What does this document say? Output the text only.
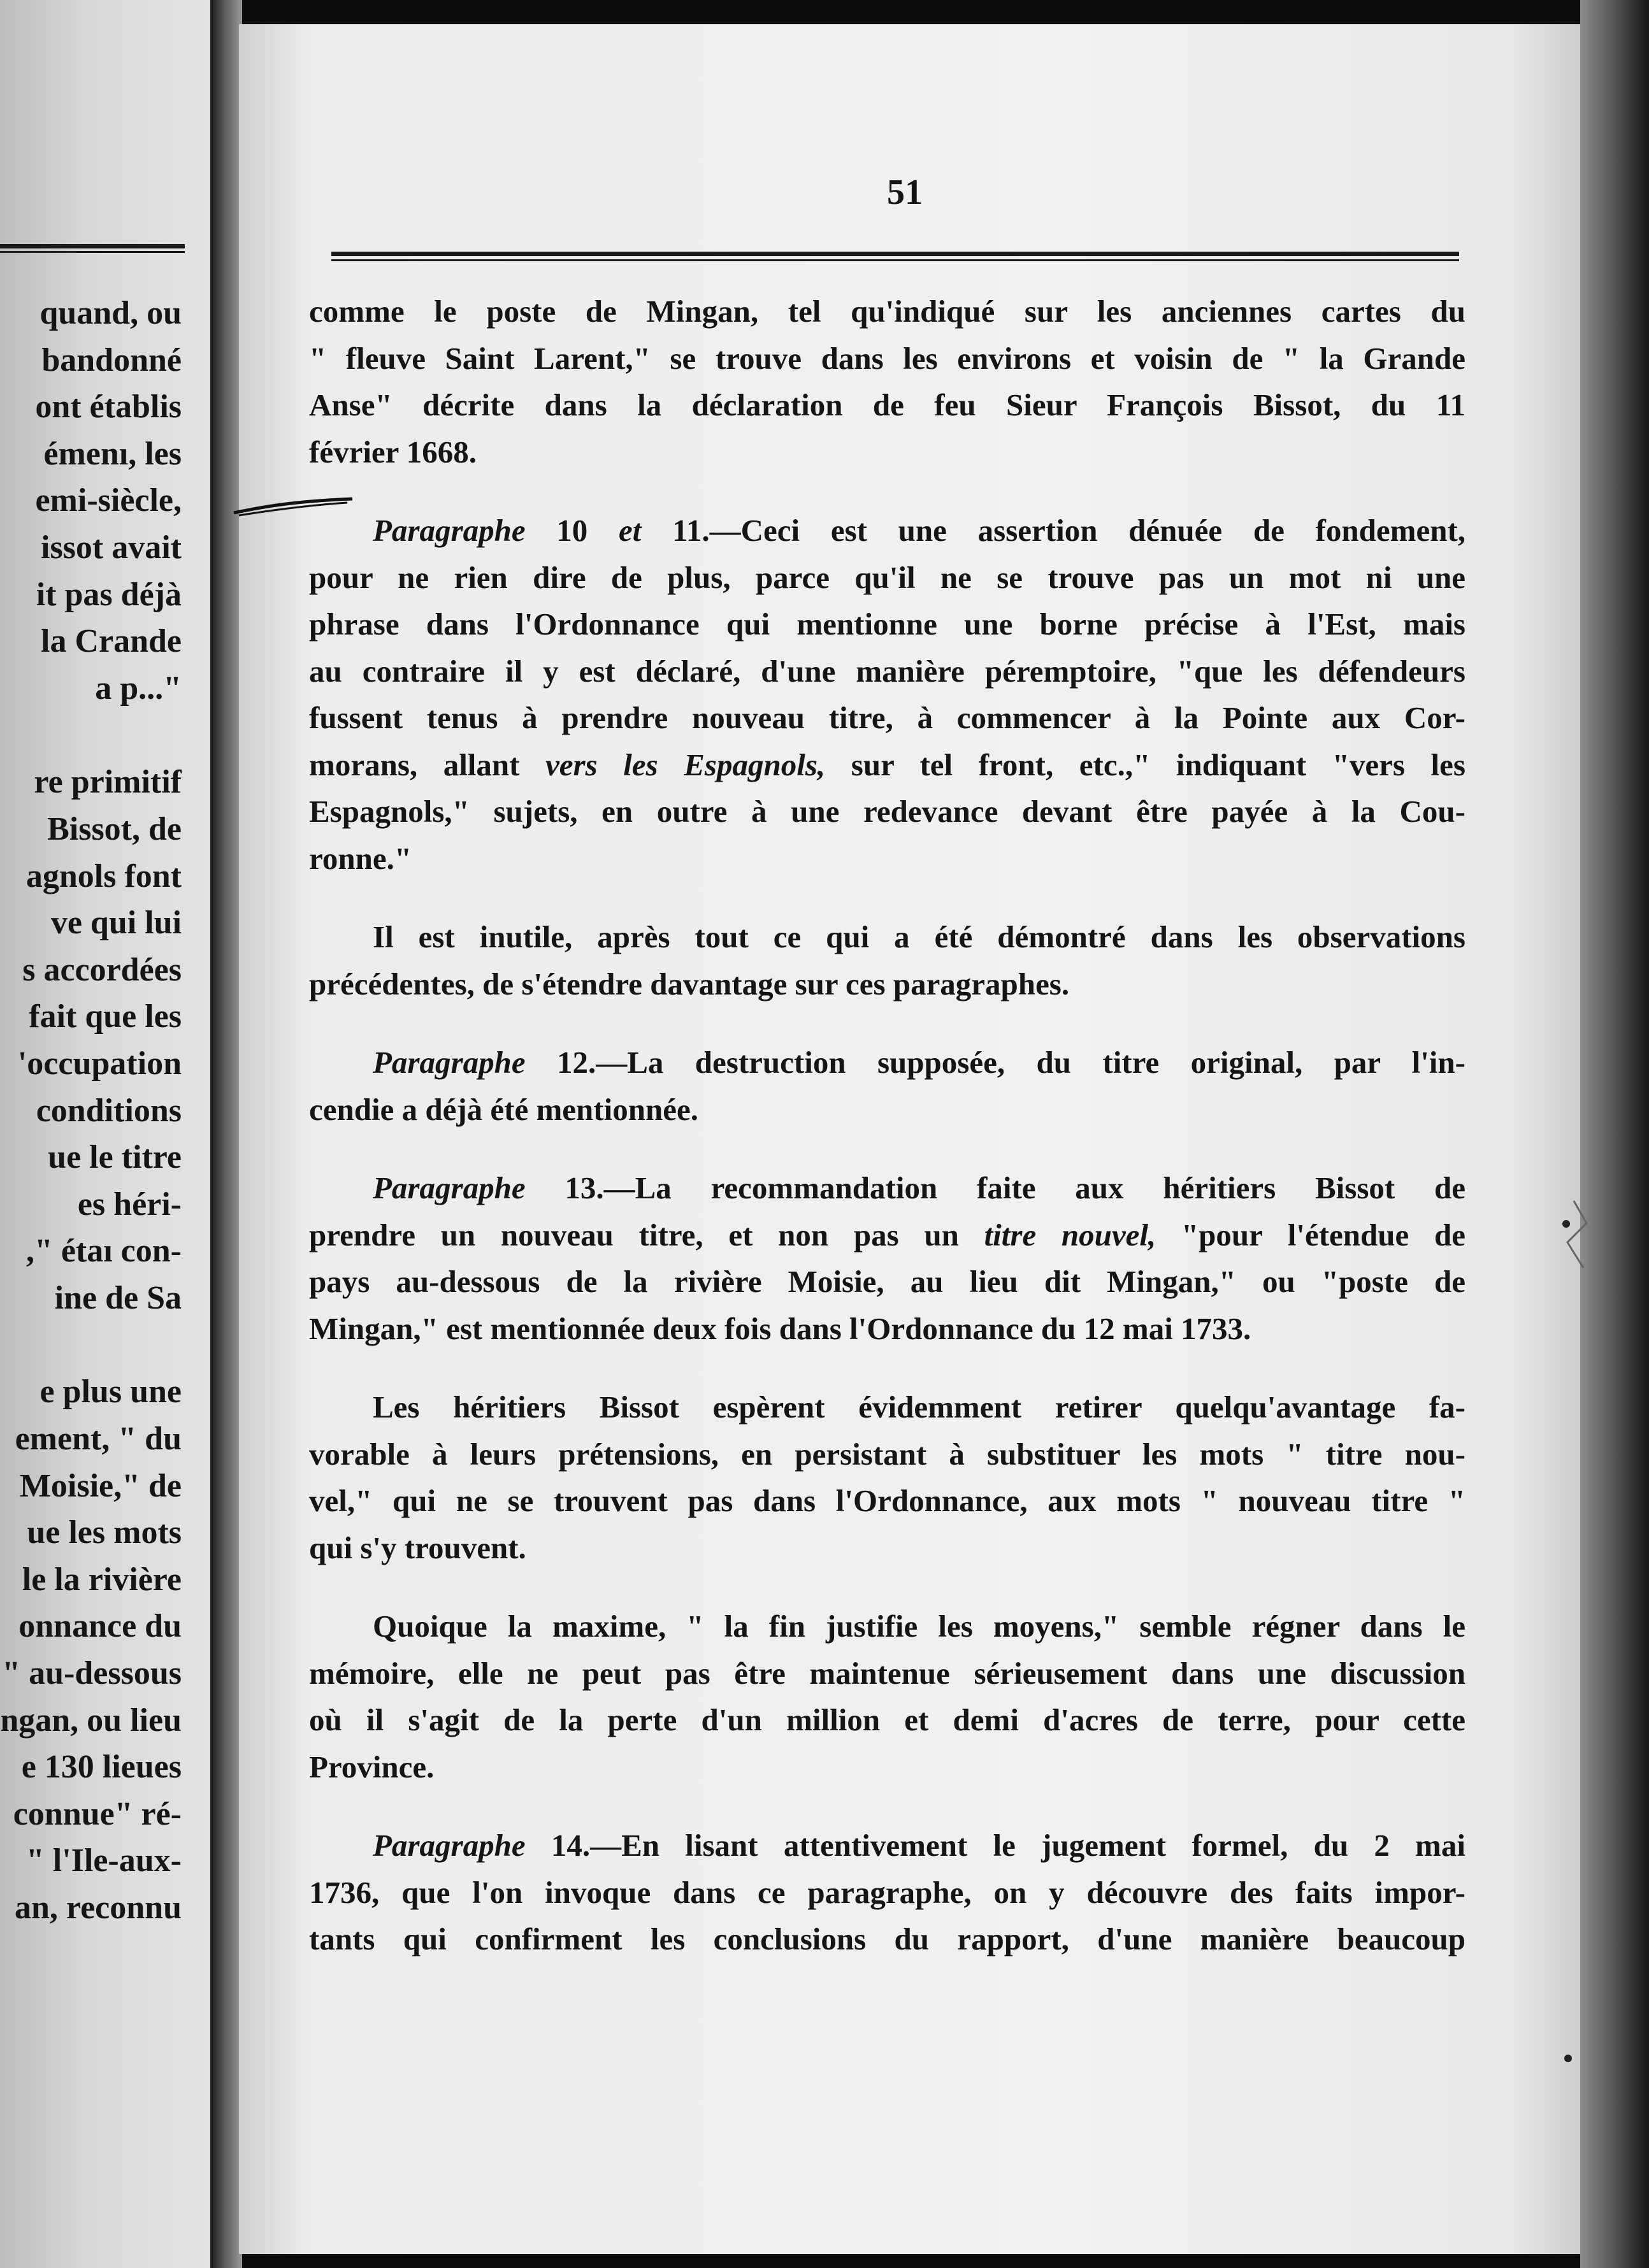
quand, ou
bandonné
ont établis
émenı, les
emi-siècle,
issot avait
it pas déjà
la Crande
a p..."
re primitif
Bissot, de
agnols font
ve qui lui
s accordées
fait que les
'occupation
conditions
ue le titre
es héri-
," étaı con-
ine de Sa
e plus une
ement, " du
Moisie," de
ue les mots
le la rivière
onnance du
" au-dessous
ngan, ou lieu
e 130 lieues
connue" ré-
" l'Ile-aux-
an, reconnu
51
comme le poste de Mingan, tel qu'indiqué sur les anciennes cartes du
" fleuve Saint Larent," se trouve dans les environs et voisin de " la Grande
Anse" décrite dans la déclaration de feu Sieur François Bissot, du 11
février 1668.
Paragraphe 10 et 11.—Ceci est une assertion dénuée de fondement,
pour ne rien dire de plus, parce qu'il ne se trouve pas un mot ni une
phrase dans l'Ordonnance qui mentionne une borne précise à l'Est, mais
au contraire il y est déclaré, d'une manière péremptoire, "que les défendeurs
fussent tenus à prendre nouveau titre, à commencer à la Pointe aux Cor-
morans, allant vers les Espagnols, sur tel front, etc.," indiquant "vers les
Espagnols," sujets, en outre à une redevance devant être payée à la Cou-
ronne."
Il est inutile, après tout ce qui a été démontré dans les observations
précédentes, de s'étendre davantage sur ces paragraphes.
Paragraphe 12.—La destruction supposée, du titre original, par l'in-
cendie a déjà été mentionnée.
Paragraphe 13.—La recommandation faite aux héritiers Bissot de
prendre un nouveau titre, et non pas un titre nouvel, "pour l'étendue de
pays au-dessous de la rivière Moisie, au lieu dit Mingan," ou "poste de
Mingan," est mentionnée deux fois dans l'Ordonnance du 12 mai 1733.
Les héritiers Bissot espèrent évidemment retirer quelqu'avantage fa-
vorable à leurs prétensions, en persistant à substituer les mots " titre nou-
vel," qui ne se trouvent pas dans l'Ordonnance, aux mots " nouveau titre "
qui s'y trouvent.
Quoique la maxime, " la fin justifie les moyens," semble régner dans le
mémoire, elle ne peut pas être maintenue sérieusement dans une discussion
où il s'agit de la perte d'un million et demi d'acres de terre, pour cette
Province.
Paragraphe 14.—En lisant attentivement le jugement formel, du 2 mai
1736, que l'on invoque dans ce paragraphe, on y découvre des faits impor-
tants qui confirment les conclusions du rapport, d'une manière beaucoup
